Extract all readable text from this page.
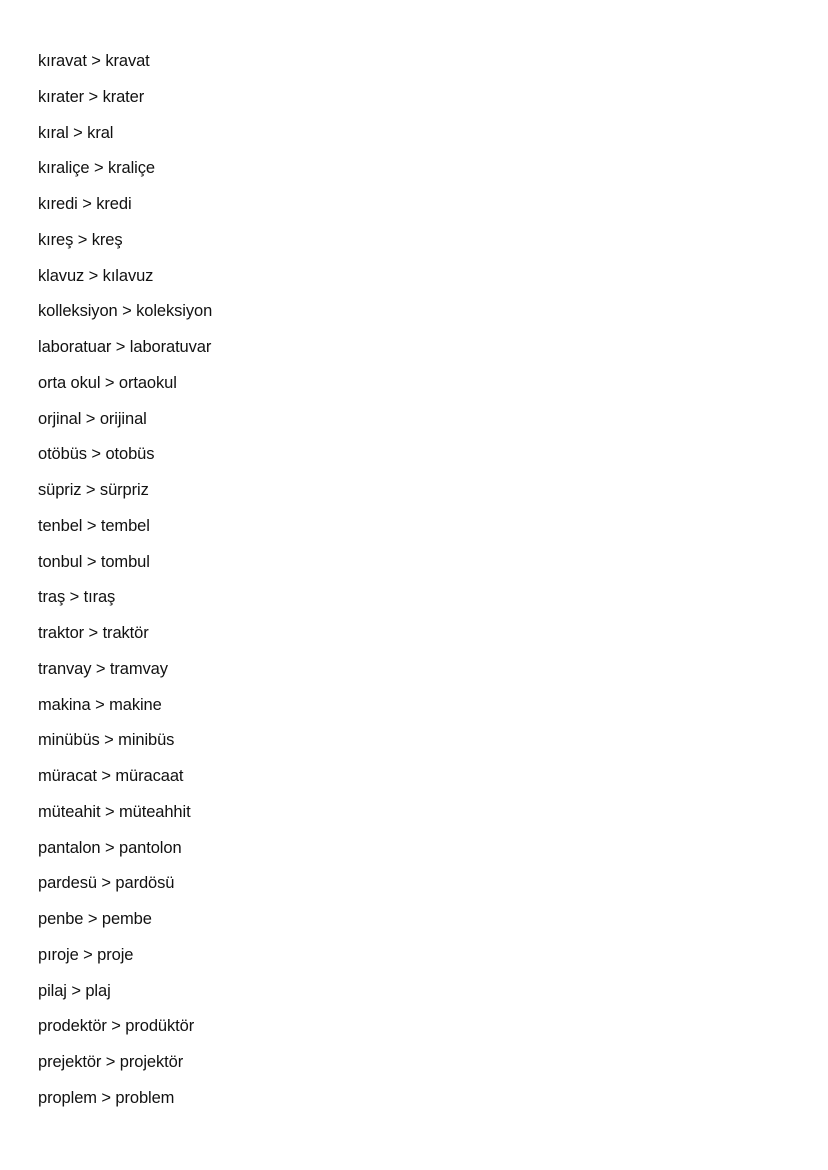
kıravat > kravat
kırater > krater
kıral > kral
kıraliçe > kraliçe
kıredi > kredi
kıreş > kreş
klavuz > kılavuz
kolleksiyon > koleksiyon
laboratuar > laboratuvar
orta okul > ortaokul
orjinal > orijinal
otöbüs > otobüs
süpriz > sürpriz
tenbel > tembel
tonbul > tombul
traş > tıraş
traktor > traktör
tranvay > tramvay
makina > makine
minübüs > minibüs
müracat > müracaat
müteahit > müteahhit
pantalon > pantolon
pardesü > pardösü
penbe > pembe
pıroje > proje
pilaj > plaj
prodektör > prodüktör
prejektör > projektör
proplem > problem
